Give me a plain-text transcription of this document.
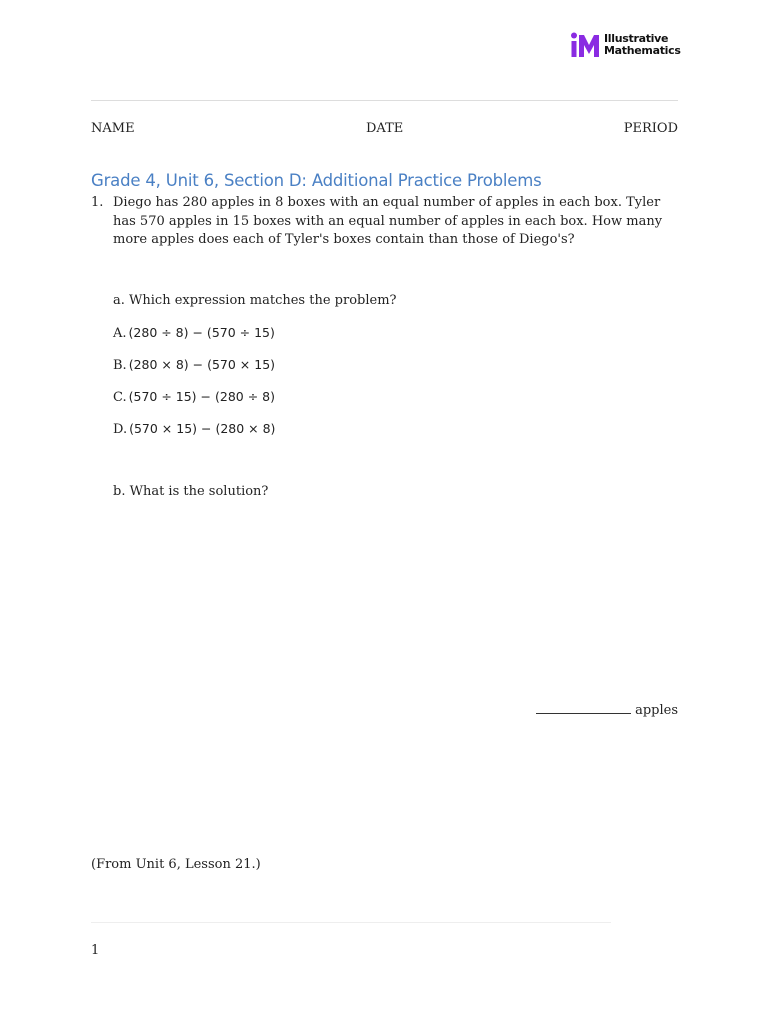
Illustrative
Mathematics
NAME	DATE	PERIOD
Grade 4, Unit 6, Section D: Additional Practice Problems
1. Diego has 280 apples in 8 boxes with an equal number of apples in each box. Tyler has 570 apples in 15 boxes with an equal number of apples in each box. How many more apples does each of Tyler's boxes contain than those of Diego's?
a. Which expression matches the problem?
A. (280 ÷ 8) − (570 ÷ 15)
B. (280 × 8) − (570 × 15)
C. (570 ÷ 15) − (280 ÷ 8)
D. (570 × 15) − (280 × 8)
b. What is the solution?
apples
(From Unit 6, Lesson 21.)
1
